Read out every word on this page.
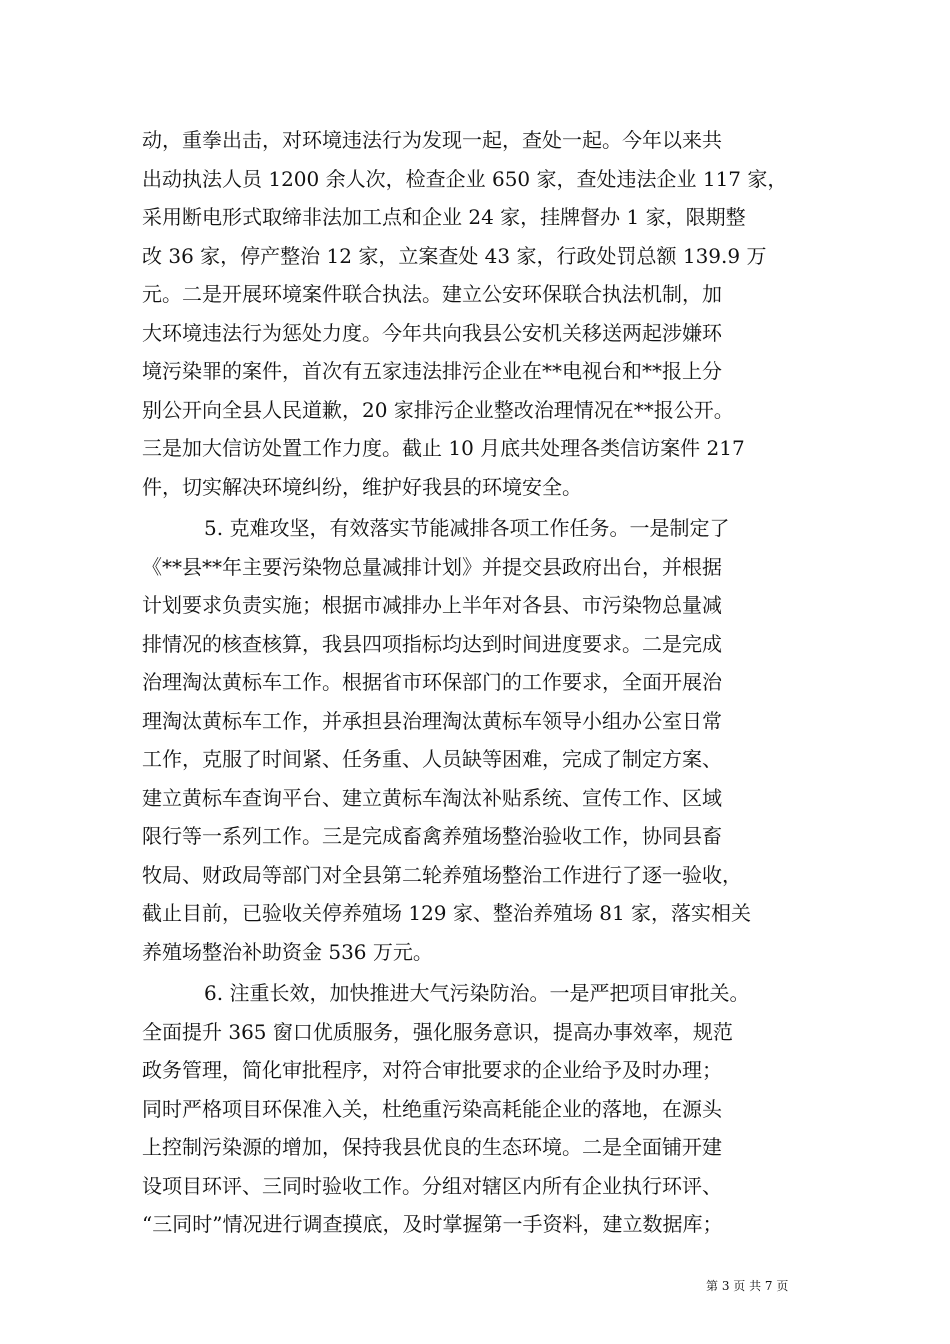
动，重拳出击，对环境违法行为发现一起，查处一起。今年以来共
出动执法人员 1200 余人次，检查企业 650 家，查处违法企业 117 家，
采用断电形式取缔非法加工点和企业 24 家，挂牌督办 1 家，限期整
改 36 家，停产整治 12 家，立案查处 43 家，行政处罚总额 139.9 万
元。二是开展环境案件联合执法。建立公安环保联合执法机制，加
大环境违法行为惩处力度。今年共向我县公安机关移送两起涉嫌环
境污染罪的案件，首次有五家违法排污企业在**电视台和**报上分
别公开向全县人民道歉，20 家排污企业整改治理情况在**报公开。
三是加大信访处置工作力度。截止 10 月底共处理各类信访案件 217
件，切实解决环境纠纷，维护好我县的环境安全。
5. 克难攻坚，有效落实节能减排各项工作任务。一是制定了
《**县**年主要污染物总量减排计划》并提交县政府出台，并根据
计划要求负责实施；根据市减排办上半年对各县、市污染物总量减
排情况的核查核算，我县四项指标均达到时间进度要求。二是完成
治理淘汰黄标车工作。根据省市环保部门的工作要求，全面开展治
理淘汰黄标车工作，并承担县治理淘汰黄标车领导小组办公室日常
工作，克服了时间紧、任务重、人员缺等困难，完成了制定方案、
建立黄标车查询平台、建立黄标车淘汰补贴系统、宣传工作、区域
限行等一系列工作。三是完成畜禽养殖场整治验收工作，协同县畜
牧局、财政局等部门对全县第二轮养殖场整治工作进行了逐一验收，
截止目前，已验收关停养殖场 129 家、整治养殖场 81 家，落实相关
养殖场整治补助资金 536 万元。
6. 注重长效，加快推进大气污染防治。一是严把项目审批关。
全面提升 365 窗口优质服务，强化服务意识，提高办事效率，规范
政务管理，简化审批程序，对符合审批要求的企业给予及时办理；
同时严格项目环保准入关，杜绝重污染高耗能企业的落地，在源头
上控制污染源的增加，保持我县优良的生态环境。二是全面铺开建
设项目环评、三同时验收工作。分组对辖区内所有企业执行环评、
“三同时”情况进行调查摸底，及时掌握第一手资料，建立数据库；
第 3 页 共 7 页
